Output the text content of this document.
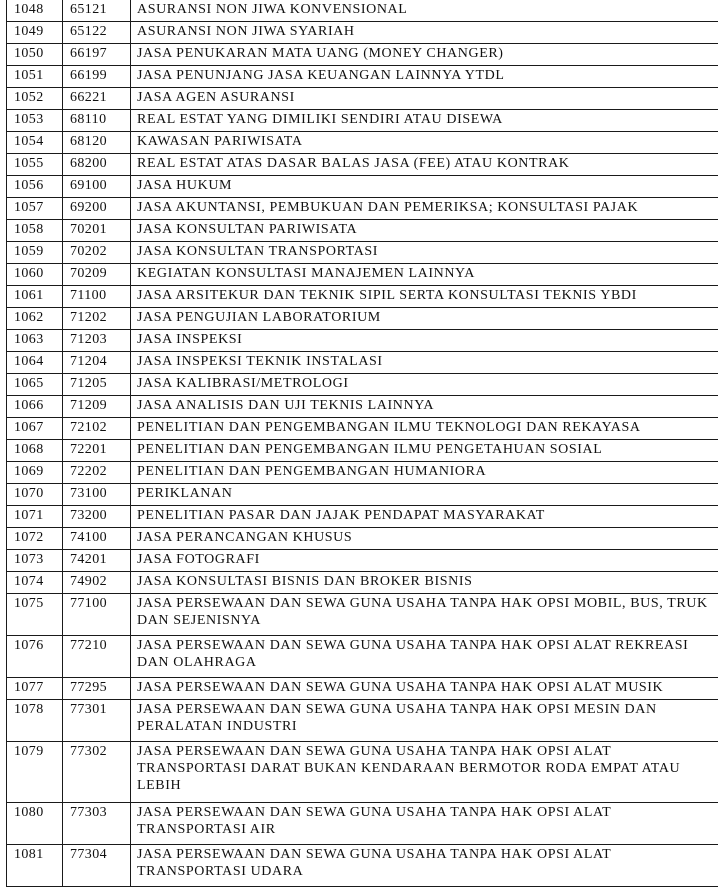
1048	65121	ASURANSI NON JIWA KONVENSIONAL
1049	65122	ASURANSI NON JIWA SYARIAH
1050	66197	JASA PENUKARAN MATA UANG (MONEY CHANGER)
1051	66199	JASA PENUNJANG JASA KEUANGAN LAINNYA YTDL
1052	66221	JASA AGEN ASURANSI
1053	68110	REAL ESTAT YANG DIMILIKI SENDIRI ATAU DISEWA
1054	68120	KAWASAN PARIWISATA
1055	68200	REAL ESTAT ATAS DASAR BALAS JASA (FEE) ATAU KONTRAK
1056	69100	JASA HUKUM
1057	69200	JASA AKUNTANSI, PEMBUKUAN DAN PEMERIKSA; KONSULTASI PAJAK
1058	70201	JASA KONSULTAN PARIWISATA
1059	70202	JASA KONSULTAN TRANSPORTASI
1060	70209	KEGIATAN KONSULTASI MANAJEMEN LAINNYA
1061	71100	JASA ARSITEKUR DAN TEKNIK SIPIL SERTA KONSULTASI TEKNIS YBDI
1062	71202	JASA PENGUJIAN LABORATORIUM
1063	71203	JASA INSPEKSI
1064	71204	JASA INSPEKSI TEKNIK INSTALASI
1065	71205	JASA KALIBRASI/METROLOGI
1066	71209	JASA ANALISIS DAN UJI TEKNIS LAINNYA
1067	72102	PENELITIAN DAN PENGEMBANGAN ILMU TEKNOLOGI DAN REKAYASA
1068	72201	PENELITIAN DAN PENGEMBANGAN ILMU PENGETAHUAN SOSIAL
1069	72202	PENELITIAN DAN PENGEMBANGAN HUMANIORA
1070	73100	PERIKLANAN
1071	73200	PENELITIAN PASAR DAN JAJAK PENDAPAT MASYARAKAT
1072	74100	JASA PERANCANGAN KHUSUS
1073	74201	JASA FOTOGRAFI
1074	74902	JASA KONSULTASI BISNIS DAN BROKER BISNIS
1075	77100	JASA PERSEWAAN DAN SEWA GUNA USAHA TANPA HAK OPSI MOBIL, BUS, TRUK DAN SEJENISNYA
1076	77210	JASA PERSEWAAN DAN SEWA GUNA USAHA TANPA HAK OPSI ALAT REKREASI DAN OLAHRAGA
1077	77295	JASA PERSEWAAN DAN SEWA GUNA USAHA TANPA HAK OPSI ALAT MUSIK
1078	77301	JASA PERSEWAAN DAN SEWA GUNA USAHA TANPA HAK OPSI MESIN DAN PERALATAN INDUSTRI
1079	77302	JASA PERSEWAAN DAN SEWA GUNA USAHA TANPA HAK OPSI ALAT TRANSPORTASI DARAT BUKAN KENDARAAN BERMOTOR RODA EMPAT ATAU LEBIH
1080	77303	JASA PERSEWAAN DAN SEWA GUNA USAHA TANPA HAK OPSI ALAT TRANSPORTASI AIR
1081	77304	JASA PERSEWAAN DAN SEWA GUNA USAHA TANPA HAK OPSI ALAT TRANSPORTASI UDARA
